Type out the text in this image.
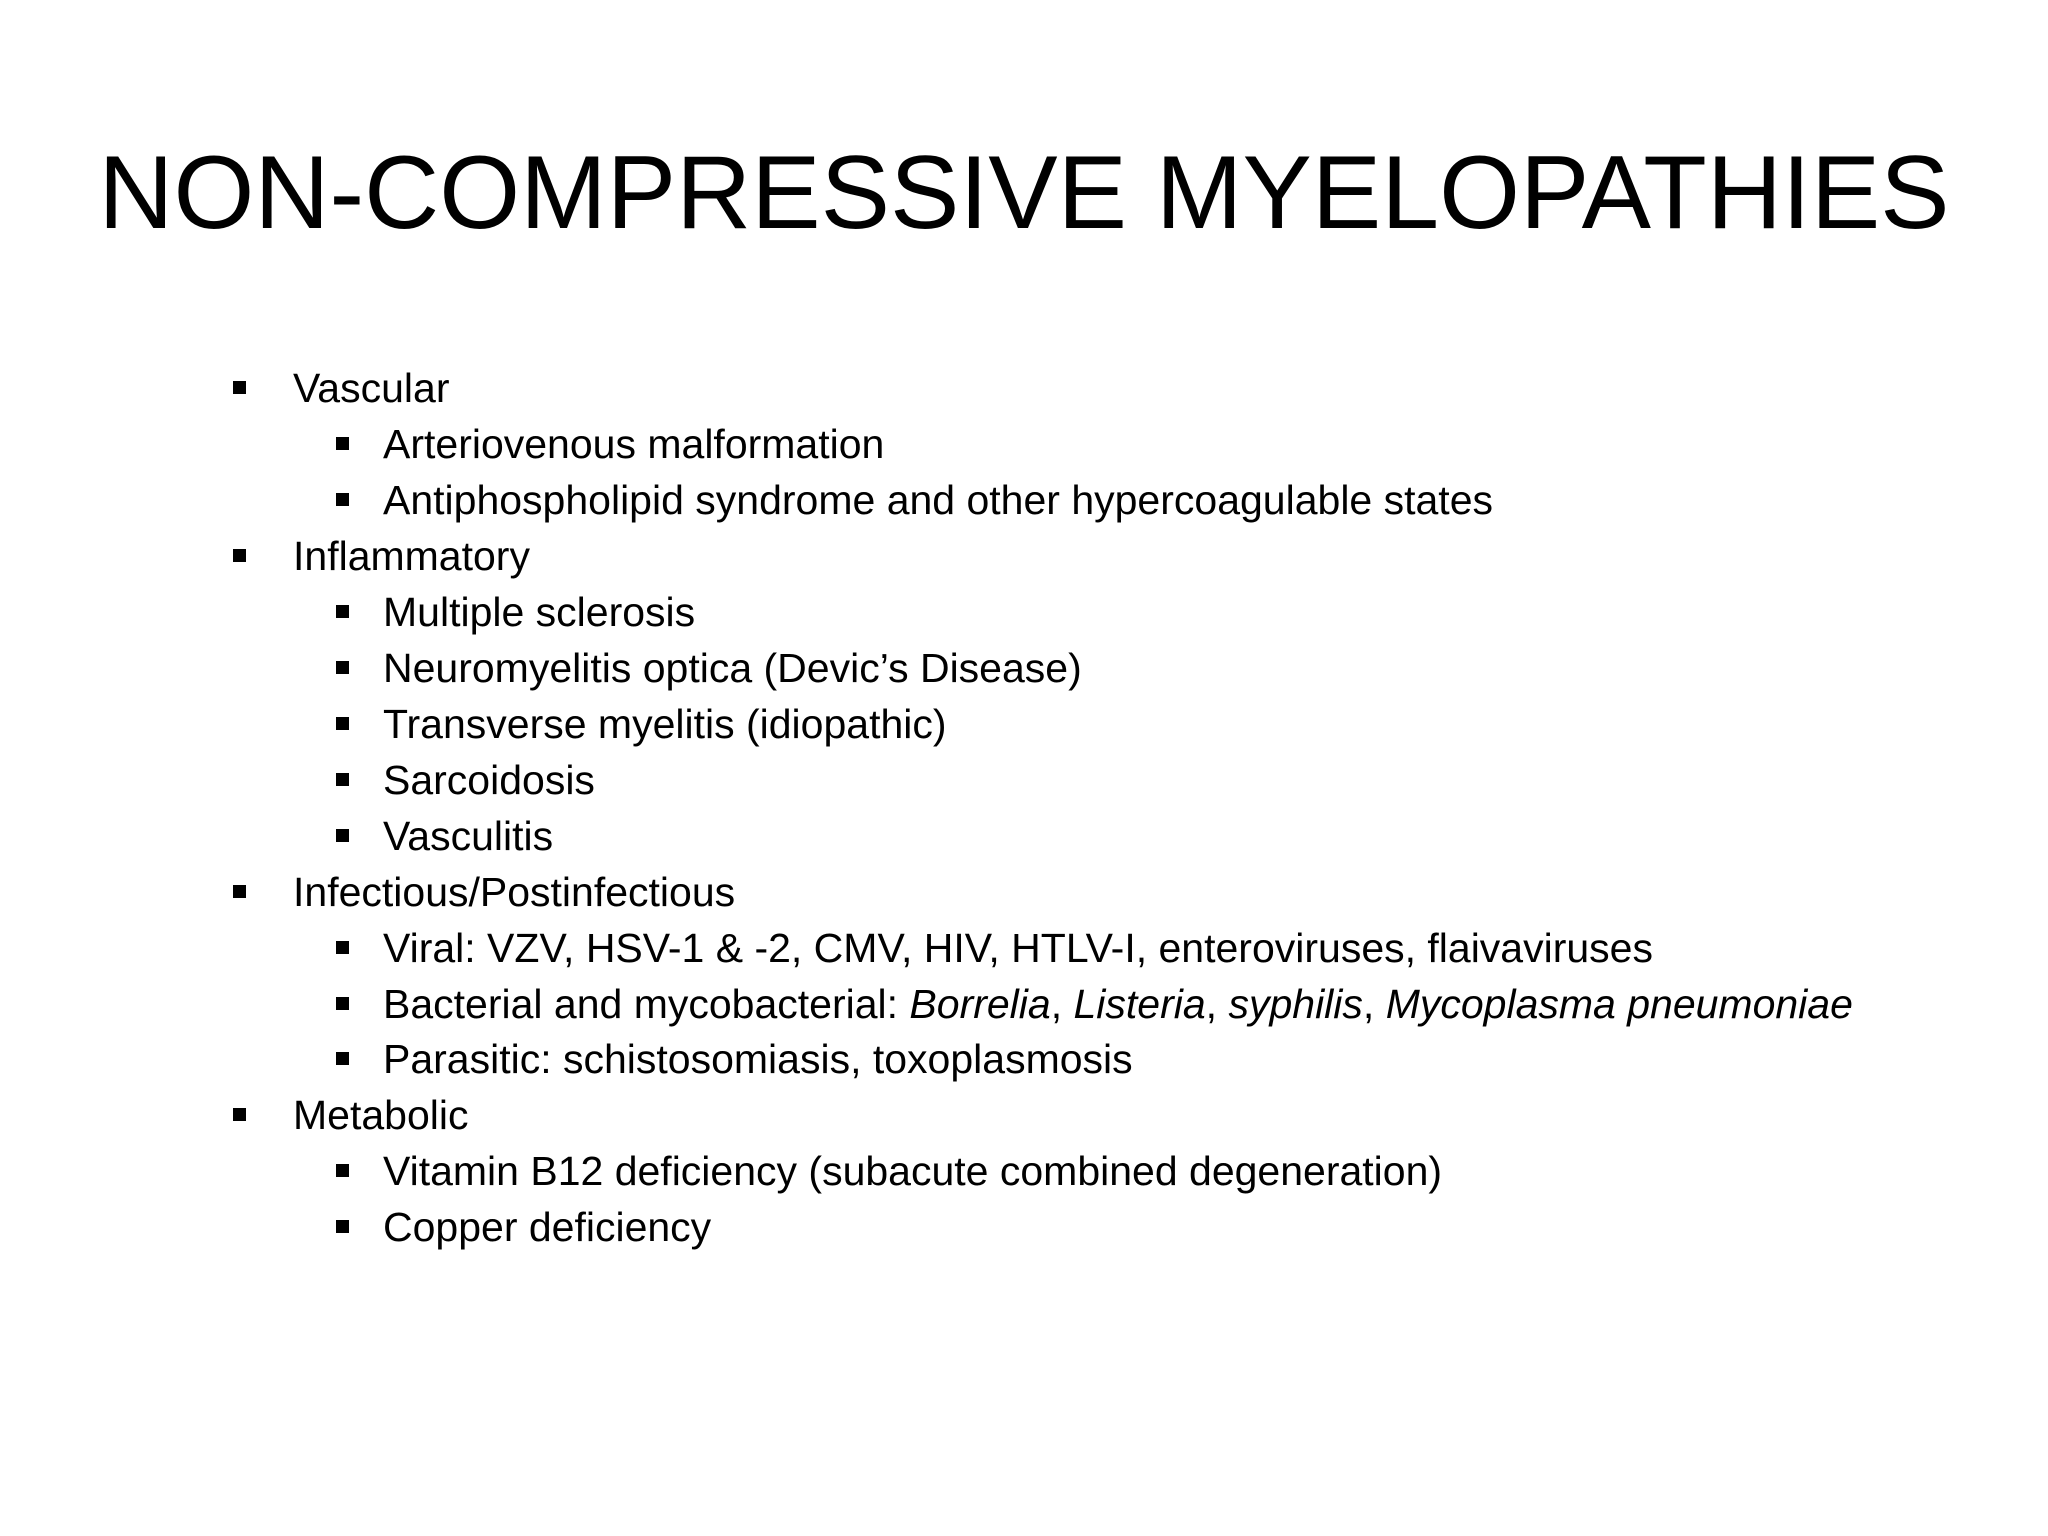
NON-COMPRESSIVE MYELOPATHIES
Vascular
Arteriovenous malformation
Antiphospholipid syndrome and other hypercoagulable states
Inflammatory
Multiple sclerosis
Neuromyelitis optica (Devic’s Disease)
Transverse myelitis (idiopathic)
Sarcoidosis
Vasculitis
Infectious/Postinfectious
Viral: VZV, HSV-1 & -2, CMV, HIV, HTLV-I, enteroviruses, flaivaviruses
Bacterial and mycobacterial: Borrelia, Listeria, syphilis, Mycoplasma pneumoniae
Parasitic: schistosomiasis, toxoplasmosis
Metabolic
Vitamin B12 deficiency (subacute combined degeneration)
Copper deficiency
